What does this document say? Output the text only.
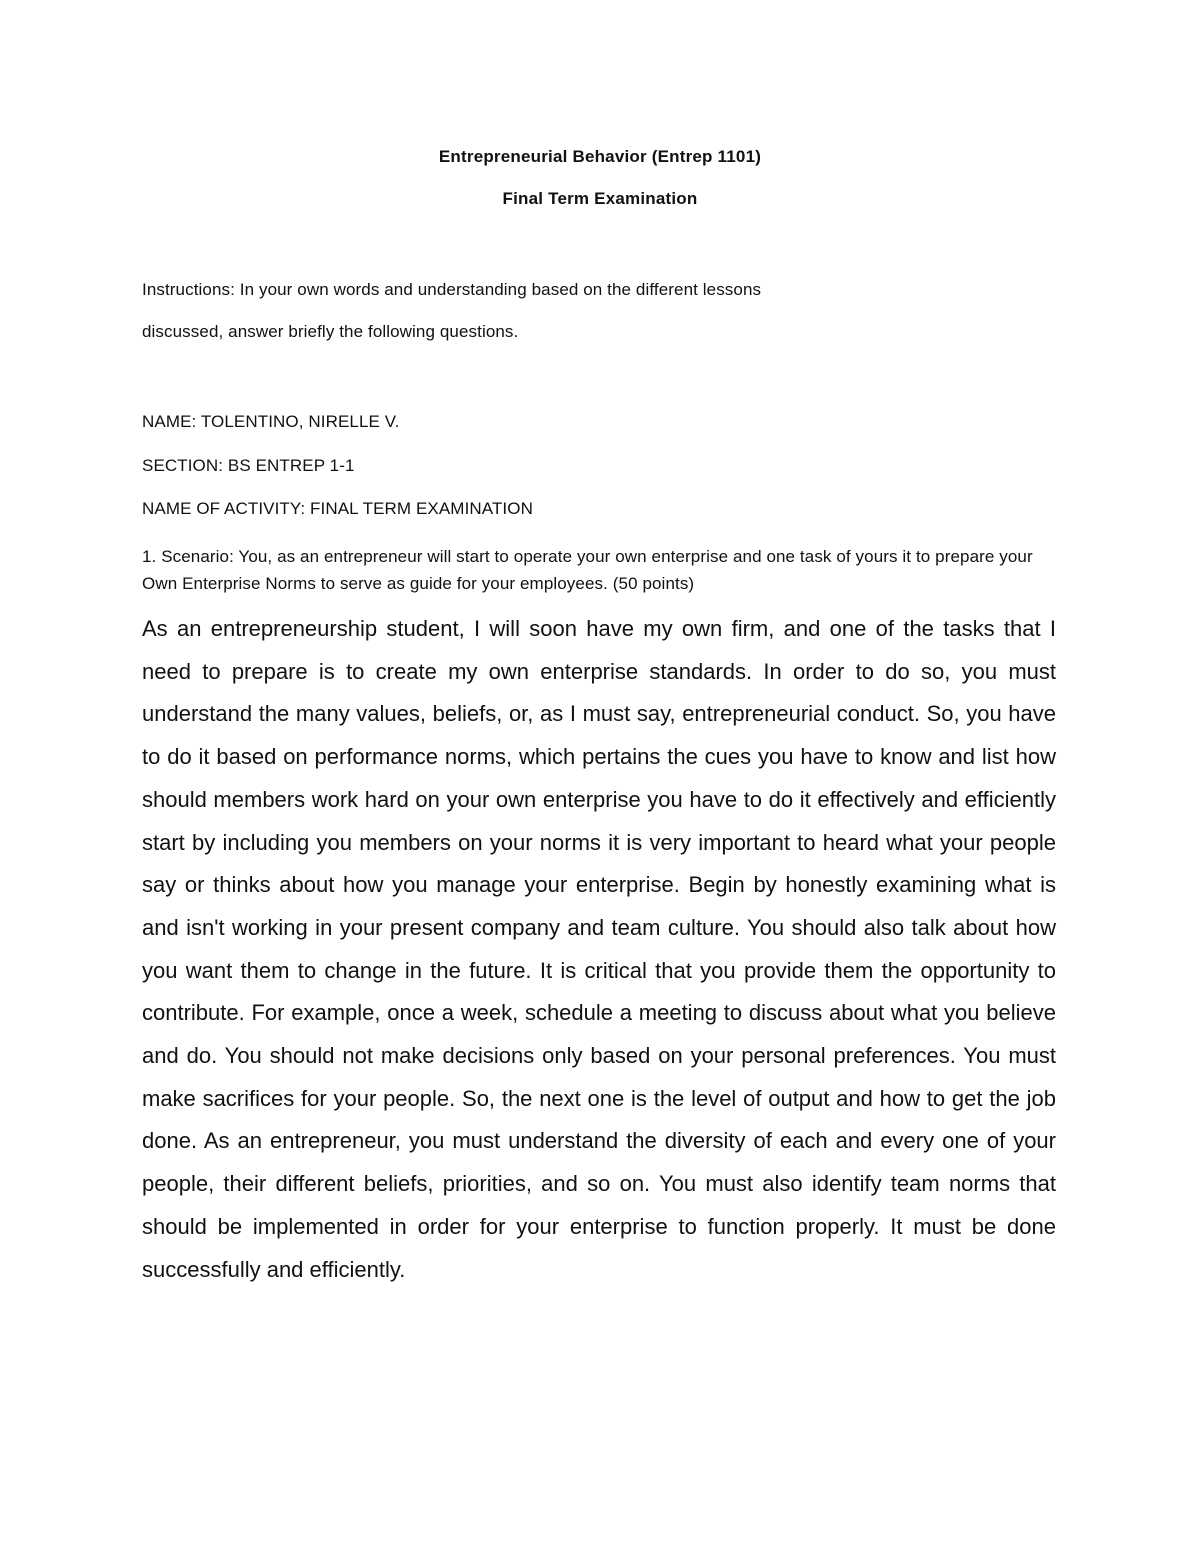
Entrepreneurial Behavior (Entrep 1101)

Final Term Examination

Instructions: In your own words and understanding based on the different lessons

discussed, answer briefly the following questions.

NAME: TOLENTINO, NIRELLE V.

SECTION: BS ENTREP 1-1

NAME OF ACTIVITY: FINAL TERM EXAMINATION

1. Scenario: You, as an entrepreneur will start to operate your own enterprise and one task of yours it to prepare your Own Enterprise Norms to serve as guide for your employees. (50 points)

As an entrepreneurship student, I will soon have my own firm, and one of the tasks that I need to prepare is to create my own enterprise standards. In order to do so, you must understand the many values, beliefs, or, as I must say, entrepreneurial conduct. So, you have to do it based on performance norms, which pertains the cues you have to know and list how should members work hard on your own enterprise you have to do it effectively and efficiently start by including you members on your norms it is very important to heard what your people say or thinks about how you manage your enterprise. Begin by honestly examining what is and isn't working in your present company and team culture. You should also talk about how you want them to change in the future. It is critical that you provide them the opportunity to contribute. For example, once a week, schedule a meeting to discuss about what you believe and do. You should not make decisions only based on your personal preferences. You must make sacrifices for your people. So, the next one is the level of output and how to get the job done. As an entrepreneur, you must understand the diversity of each and every one of your people, their different beliefs, priorities, and so on. You must also identify team norms that should be implemented in order for your enterprise to function properly. It must be done successfully and efficiently.
